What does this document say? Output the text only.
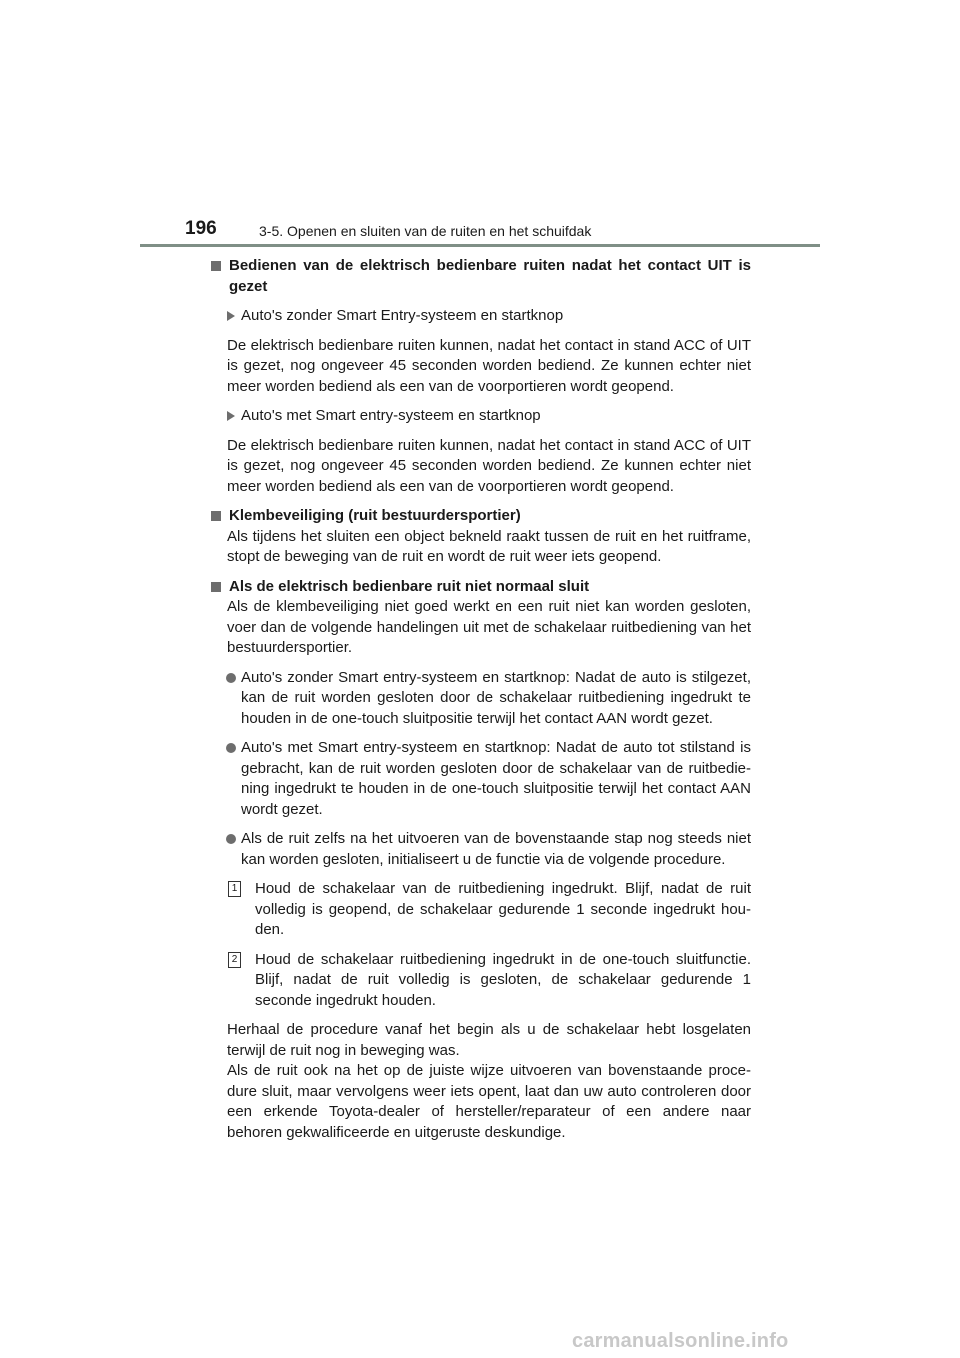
196	3-5. Openen en sluiten van de ruiten en het schuifdak
Bedienen van de elektrisch bedienbare ruiten nadat het contact UIT is gezet
Auto's zonder Smart Entry-systeem en startknop
De elektrisch bedienbare ruiten kunnen, nadat het contact in stand ACC of UIT is gezet, nog ongeveer 45 seconden worden bediend. Ze kunnen echter niet meer worden bediend als een van de voorportieren wordt geopend.
Auto's met Smart entry-systeem en startknop
De elektrisch bedienbare ruiten kunnen, nadat het contact in stand ACC of UIT is gezet, nog ongeveer 45 seconden worden bediend. Ze kunnen echter niet meer worden bediend als een van de voorportieren wordt geopend.
Klembeveiliging (ruit bestuurdersportier)
Als tijdens het sluiten een object bekneld raakt tussen de ruit en het ruitframe, stopt de beweging van de ruit en wordt de ruit weer iets geopend.
Als de elektrisch bedienbare ruit niet normaal sluit
Als de klembeveiliging niet goed werkt en een ruit niet kan worden gesloten, voer dan de volgende handelingen uit met de schakelaar ruitbediening van het bestuurdersportier.
Auto's zonder Smart entry-systeem en startknop: Nadat de auto is stilgezet, kan de ruit worden gesloten door de schakelaar ruitbediening ingedrukt te houden in de one-touch sluitpositie terwijl het contact AAN wordt gezet.
Auto's met Smart entry-systeem en startknop: Nadat de auto tot stilstand is gebracht, kan de ruit worden gesloten door de schakelaar van de ruitbedie-ning ingedrukt te houden in de one-touch sluitpositie terwijl het contact AAN wordt gezet.
Als de ruit zelfs na het uitvoeren van de bovenstaande stap nog steeds niet kan worden gesloten, initialiseert u de functie via de volgende procedure.
1 Houd de schakelaar van de ruitbediening ingedrukt. Blijf, nadat de ruit volledig is geopend, de schakelaar gedurende 1 seconde ingedrukt hou-den.
2 Houd de schakelaar ruitbediening ingedrukt in de one-touch sluitfunctie. Blijf, nadat de ruit volledig is gesloten, de schakelaar gedurende 1 seconde ingedrukt houden.
Herhaal de procedure vanaf het begin als u de schakelaar hebt losgelaten terwijl de ruit nog in beweging was.
Als de ruit ook na het op de juiste wijze uitvoeren van bovenstaande proce-dure sluit, maar vervolgens weer iets opent, laat dan uw auto controleren door een erkende Toyota-dealer of hersteller/reparateur of een andere naar behoren gekwalificeerde en uitgeruste deskundige.
carmanualsonline.info
